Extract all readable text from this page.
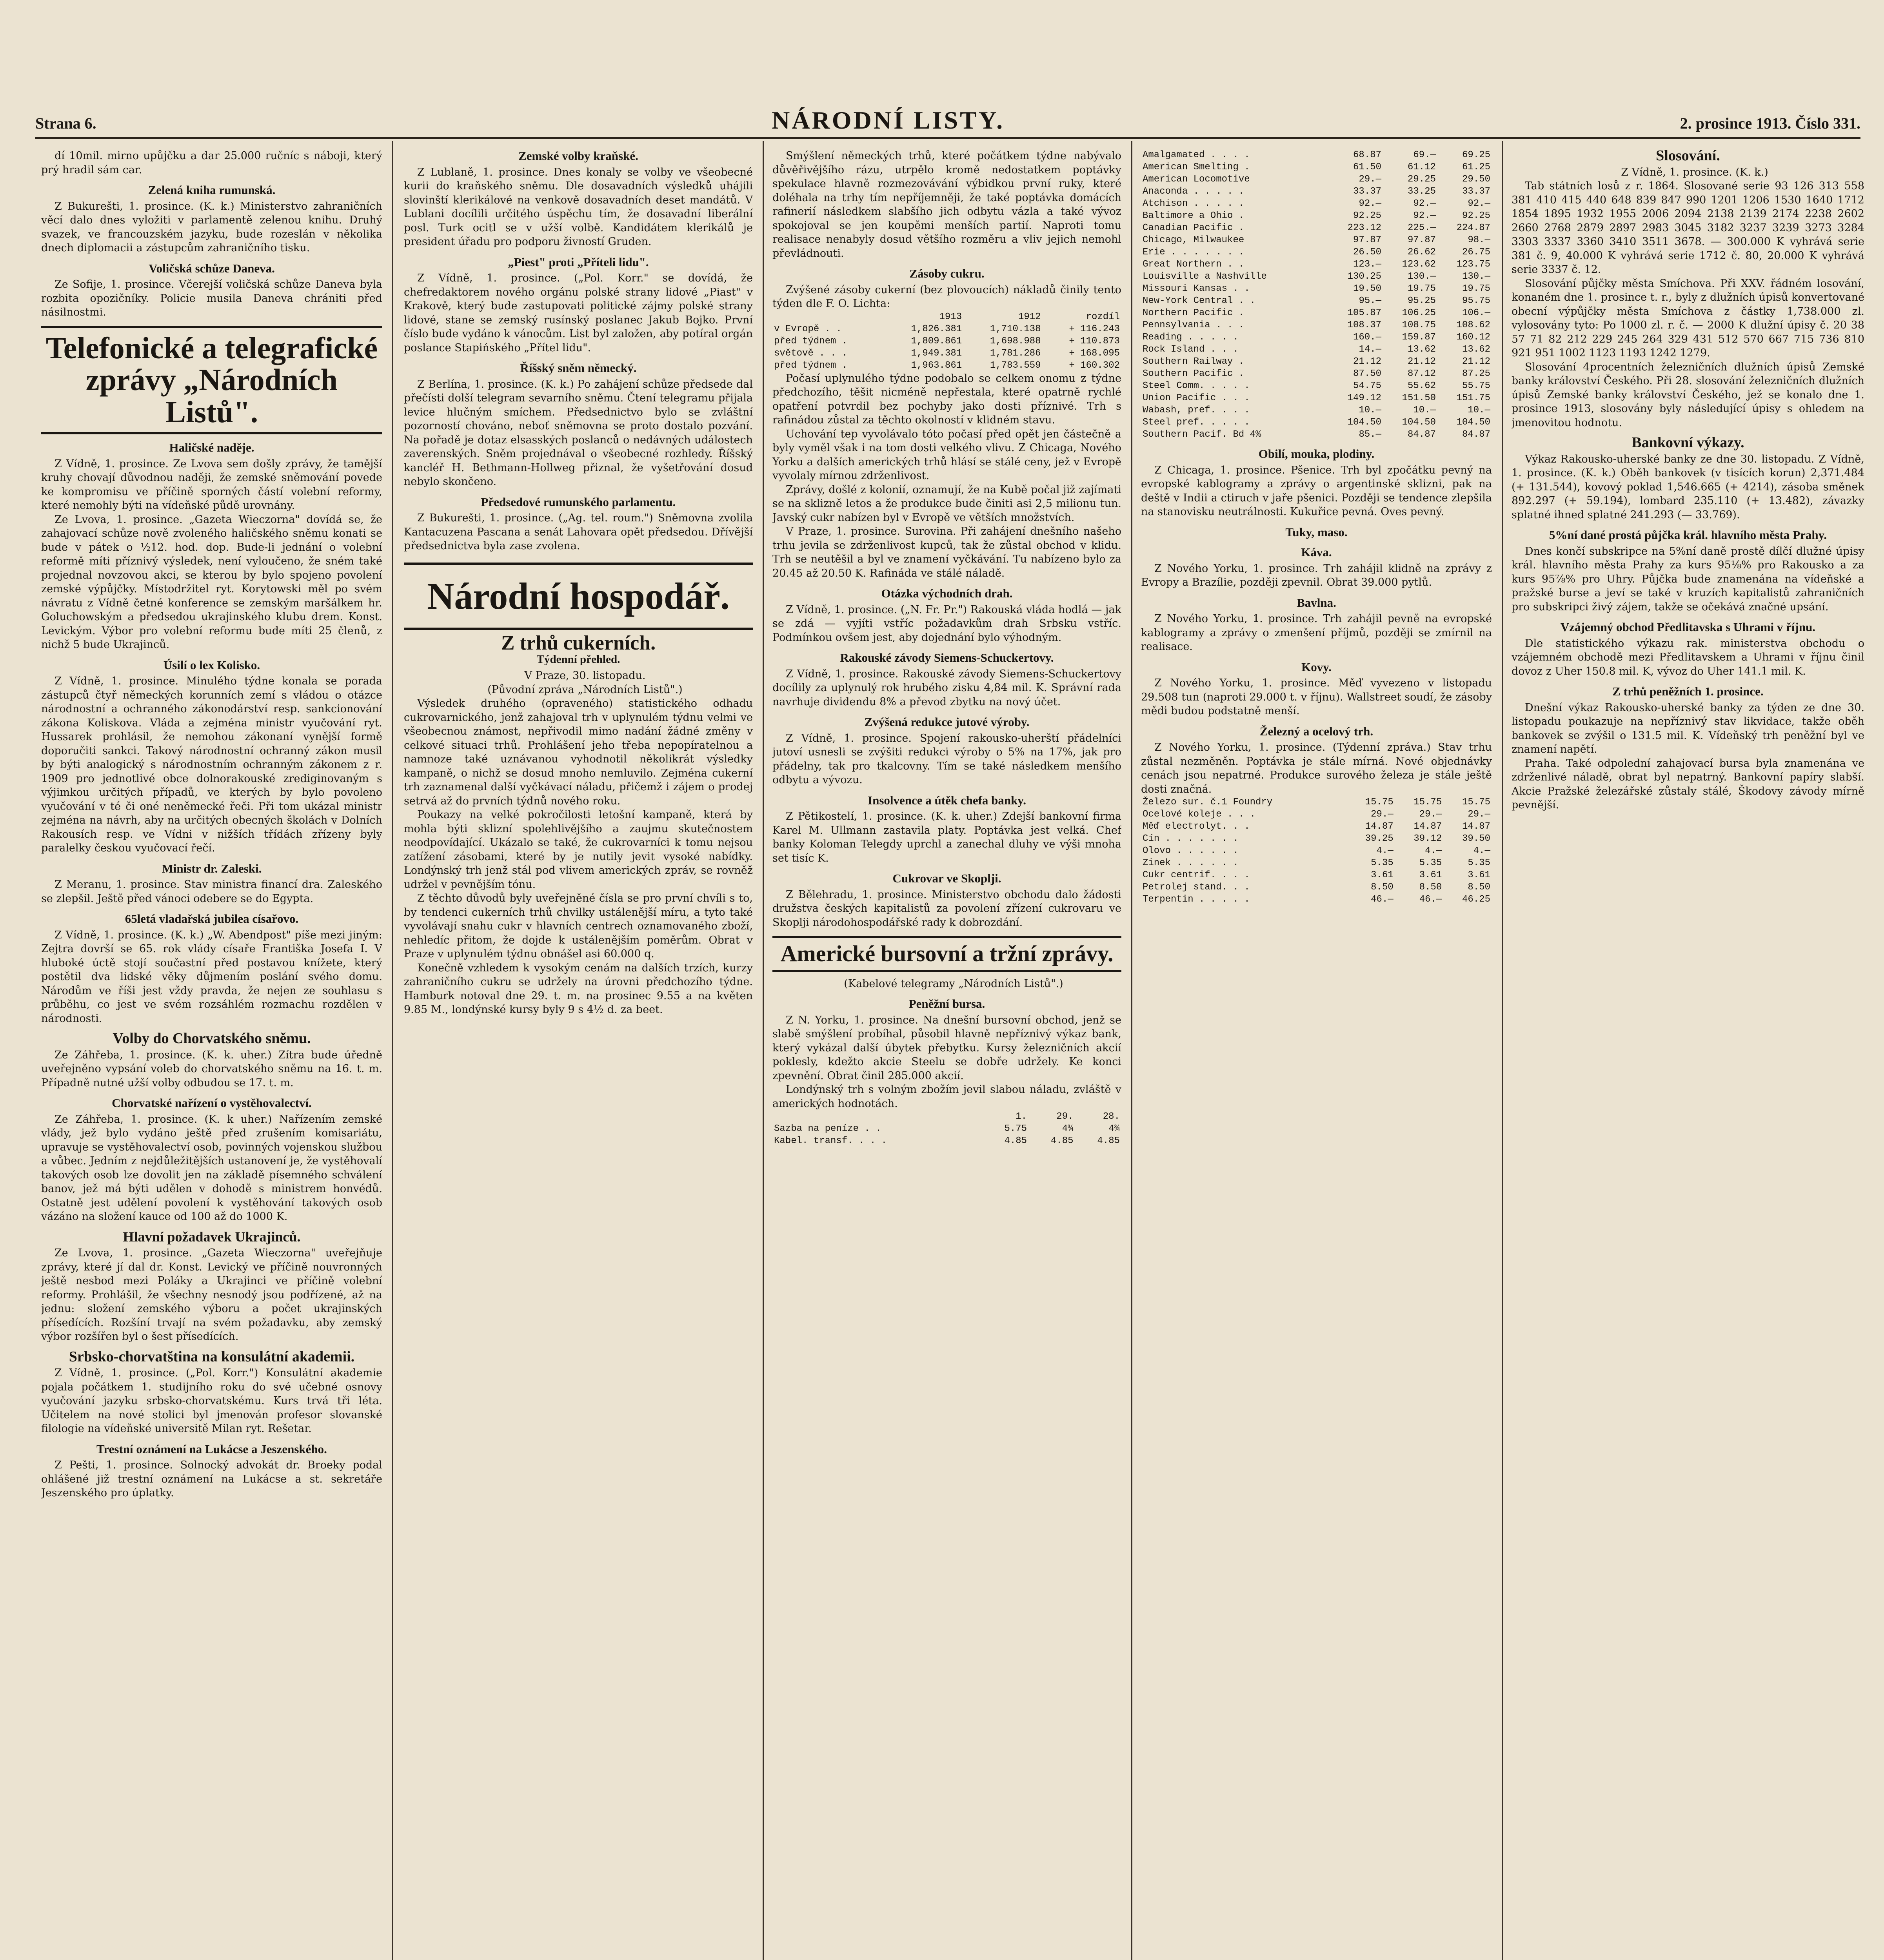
Strana 6.	NÁRODNÍ LISTY.	2. prosince 1913. Číslo 331.

dí 10mil. mirno upůjčku a dar 25.000 ručníc s náboji, který prý hradil sám car.

Zelená kniha rumunská.

Z Bukurešti, 1. prosince. (K. k.) Ministerstvo zahraničních věcí dalo dnes vyložiti v parlamentě zelenou knihu. Druhý svazek, ve francouzském jazyku, bude rozeslán v několika dnech diplomacii a zástupcům zahraničního tisku.

Voličská schůze Daneva.

Ze Sofije, 1. prosince. Včerejší voličská schůze Daneva byla rozbita opozičníky. Policie musila Daneva chrániti před násilnostmi.

Telefonické a telegrafické zprávy „Národních Listů".
Haličské naděje.

Z Vídně, 1. prosince. Ze Lvova sem došly zprávy, že tamější kruhy chovají důvodnou naději, že zemské sněmování povede ke kompromisu ve příčině sporných částí volební reformy, které nemohly býti na vídeňské půdě urovnány.

Ze Lvova, 1. prosince. „Gazeta Wieczorna" dovídá se, že zahajovací schůze nově zvoleného haličského sněmu konati se bude v pátek o ½12. hod. dop. Bude-li jednání o volební reformě míti příznivý výsledek, není vyloučeno, že sném také projednal novzovou akci, se kterou by bylo spojeno povolení zemské výpůjčky. Místodržitel ryt. Korytowski měl po svém návratu z Vídně četné konference se zemským maršálkem hr. Goluchowským a předsedou ukrajinského klubu drem. Konst. Levickým. Výbor pro volební reformu bude míti 25 členů, z nichž 5 bude Ukrajinců.

Úsilí o lex Kolisko.

Z Vídně, 1. prosince. Minulého týdne konala se porada zástupců čtyř německých korunních zemí s vládou o otázce národnostní a ochranného zákonodárství resp. sankcionování zákona Koliskova. Vláda a zejména ministr vyučování ryt. Hussarek prohlásil, že nemohou zákonaní vynější formě doporučiti sankci. Takový národnostní ochranný zákon musil by býti analogický s národnostním ochranným zákonem z r. 1909 pro jednotlivé obce dolnorakouské zrediginovaným s výjimkou určitých případů, ve kterých by bylo povoleno vyučování v té či oné neněmecké řeči. Při tom ukázal ministr zejména na návrh, aby na určitých obecných školách v Dolních Rakousích resp. ve Vídni v nižších třídách zřízeny byly paralelky českou vyučovací řečí.

Ministr dr. Zaleski.

Z Meranu, 1. prosince. Stav ministra financí dra. Zaleského se zlepšil. Ještě před vánoci odebere se do Egypta.

65letá vladařská jubilea císařovo.

Z Vídně, 1. prosince. (K. k.) „W. Abendpost" píše mezi jiným: Zejtra dovrší se 65. rok vlády císaře Františka Josefa I. V hluboké úctě stojí součastní před postavou knížete, který postětil dva lidské věky důjmením poslání svého domu. Národům ve říši jest vždy pravda, že nejen ze souhlasu s průběhu, co jest ve svém rozsáhlém rozmachu rozdělen v národnosti.

Volby do Chorvatského sněmu.

Ze Záhřeba, 1. prosince. (K. k. uher.) Zítra bude úředně uveřejněno vypsání voleb do chorvatského sněmu na 16. t. m. Případně nutné užší volby odbudou se 17. t. m.

Chorvatské nařízení o vystěhovalectví.

Ze Záhřeba, 1. prosince. (K. k uher.) Nařízením zemské vlády, jež bylo vydáno ještě před zrušením komisariátu, upravuje se vystěhovalectví osob, povinných vojenskou službou a vůbec. Jedním z nejdůležitějších ustanovení je, že vystěhovalí takových osob lze dovolit jen na základě písemného schválení banov, jež má býti udělen v dohodě s ministrem honvédů. Ostatně jest udělení povolení k vystěhování takových osob vázáno na složení kauce od 100 až do 1000 K.

Hlavní požadavek Ukrajinců.

Ze Lvova, 1. prosince. „Gazeta Wieczorna" uveřejňuje zprávy, které jí dal dr. Konst. Levický ve příčině nouvronných ještě nesbod mezi Poláky a Ukrajinci ve příčině volební reformy. Prohlášil, že všechny nesnodý jsou podřízené, až na jednu: složení zemského výboru a počet ukrajinských přísedících. Rozšíní trvají na svém požadavku, aby zemský výbor rozšířen byl o šest přísedících.

Srbsko-chorvatština na konsulátní akademii.

Z Vídně, 1. prosince. („Pol. Korr.") Konsulátní akademie pojala počátkem 1. studijního roku do své učebné osnovy vyučování jazyku srbsko-chorvatskému. Kurs trvá tři léta. Učitelem na nové stolici byl jmenován profesor slovanské filologie na vídeňské universitě Milan ryt. Rešetar.

Trestní oznámení na Lukácse a Jeszenského.

Z Pešti, 1. prosince. Solnocký advokát dr. Broeky podal ohlášené již trestní oznámení na Lukácse a st. sekretáře Jeszenského pro úplatky.

Zemské volby kraňské.

Z Lublaně, 1. prosince. Dnes konaly se volby ve všeobecné kurii do kraňského sněmu. Dle dosavadních výsledků uhájili slovinští klerikálové na venkově dosavadních deset mandátů. V Lublani docílili určitého úspěchu tím, že dosavadní liberální posl. Turk ocitl se v užší volbě. Kandidátem klerikálů je president úřadu pro podporu živností Gruden.

„Piest" proti „Příteli lidu".

Z Vídně, 1. prosince. („Pol. Korr." se dovídá, že chefredaktorem nového orgánu polské strany lidové „Piast" v Krakově, který bude zastupovati politické zájmy polské strany lidové, stane se zemský rusínský poslanec Jakub Bojko. První číslo bude vydáno k vánocům. List byl založen, aby potíral orgán poslance Stapińského „Přítel lidu".

Říšský sněm německý.

Z Berlína, 1. prosince. (K. k.) Po zahájení schůze předsede dal přečísti dolší telegram sevarního sněmu. Čtení telegramu přijala levice hlučným smíchem. Předsednictvo bylo se zvláštní pozorností chováno, neboť sněmovna se proto dostalo pozvání. Na pořadě je dotaz elsasských poslanců o nedávných událostech zaverenských. Sněm projednával o všeobecné rozhledy. Říšský kancléř H. Bethmann-Hollweg přiznal, že vyšetřování dosud nebylo skončeno.

Předsedové rumunského parlamentu.

Z Bukurešti, 1. prosince. („Ag. tel. roum.") Sněmovna zvolila Kantacuzena Pascana a senát Lahovara opět předsedou. Dřívější předsednictva byla zase zvolena.

Národní hospodář.
Z trhů cukerních.
Týdenní přehled.

V Praze, 30. listopadu.

(Původní zpráva „Národních Listů".)

Výsledek druhého (opraveného) statistického odhadu cukrovarnického, jenž zahajoval trh v uplynulém týdnu velmi ve všeobecnou známost, nepřivodil mimo nadání žádné změny v celkové situaci trhů. Prohlášení jeho třeba nepopíratelnou a namnoze také uznávanou vyhodnotil několikrát výsledky kampaně, o nichž se dosud mnoho nemluvilo. Zejména cukerní trh zaznamenal další vyčkávací náladu, přičemž i zájem o prodej setrvá až do prvních týdnů nového roku.

Poukazy na velké pokročilosti letošní kampaně, která by mohla býti sklizní spolehlivějšího a zaujmu skutečnostem neodpovídající. Ukázalo se také, že cukrovarníci k tomu nejsou zatížení zásobami, které by je nutily jevit vysoké nabídky. Londýnský trh jenž stál pod vlivem amerických zpráv, se rovněž udržel v pevnějším tónu.

Z těchto důvodů byly uveřejněné čísla se pro první chvíli s to, by tendenci cukerních trhů chvilky ustálenější míru, a tyto také vyvolávají snahu cukr v hlavních centrech oznamovaného zboží, nehledíc přitom, že dojde k ustálenějším poměrům. Obrat v Praze v uplynulém týdnu obnášel asi 60.000 q.

Konečně vzhledem k vysokým cenám na dalších trzích, kurzy zahraničního cukru se udržely na úrovni předchozího týdne. Hamburk notoval dne 29. t. m. na prosinec 9.55 a na květen 9.85 M., londýnské kursy byly 9 s 4½ d. za beet.

Smýšlení německých trhů, které počátkem týdne nabývalo důvěřivějšího rázu, utrpělo kromě nedostatkem poptávky spekulace hlavně rozmezovávání výbidkou první ruky, které doléhala na trhy tím nepříjemněji, že také poptávka domácích rafinerií následkem slabšího jich odbytu vázla a také vývoz spokojoval se jen koupěmi menších partií. Naproti tomu realisace nenabyly dosud většího rozměru a vliv jejich nemohl převládnouti.

Zásoby cukru.

Zvýšené zásoby cukerní (bez plovoucích) nákladů činily tento týden dle F. O. Lichta:

	1913	1912	rozdíl
v Evropě . .	1,826.381	1,710.138	+ 116.243
před týdnem .	1,809.861	1,698.988	+ 110.873
světově . . .	1,949.381	1,781.286	+ 168.095
před týdnem .	1,963.861	1,783.559	+ 160.302

Počasí uplynulého týdne podobalo se celkem onomu z týdne předchozího, těšit nicméně nepřestala, které opatrně rychlé opatření potvrdil bez pochyby jako dosti příznivé. Trh s rafinádou zůstal za těchto okolností v klidném stavu.

Uchování tep vyvolávalo tóto počasí před opět jen částečně a byly vyměl však i na tom dosti velkého vlivu. Z Chicaga, Nového Yorku a dalších amerických trhů hlásí se stálé ceny, jež v Evropě vyvolaly mírnou zdrženlivost.

Zprávy, došlé z kolonií, oznamují, že na Kubě počal již zajímati se na sklizně letos a že produkce bude činiti asi 2,5 milionu tun. Javský cukr nabízen byl v Evropě ve větších množstvích.

V Praze, 1. prosince. Surovina. Při zahájení dnešního našeho trhu jevila se zdrženlivost kupců, tak že zůstal obchod v klidu. Trh se neutěšil a byl ve znamení vyčkávání. Tu nabízeno bylo za 20.45 až 20.50 K. Rafináda ve stálé náladě.

Otázka východních drah.

Z Vídně, 1. prosince. („N. Fr. Pr.") Rakouská vláda hodlá — jak se zdá — vyjíti vstříc požadavkům drah Srbsku vstříc. Podmínkou ovšem jest, aby dojednání bylo výhodným.

Rakouské závody Siemens-Schuckertovy.

Z Vídně, 1. prosince. Rakouské závody Siemens-Schuckertovy docílily za uplynulý rok hrubého zisku 4,84 mil. K. Správní rada navrhuje dividendu 8% a převod zbytku na nový účet.

Zvýšená redukce jutové výroby.

Z Vídně, 1. prosince. Spojení rakousko-uherští přádelníci jutoví usnesli se zvýšiti redukci výroby o 5% na 17%, jak pro přádelny, tak pro tkalcovny. Tím se také následkem menšího odbytu a vývozu.

Insolvence a útěk chefa banky.

Z Pětikostelí, 1. prosince. (K. k. uher.) Zdejší bankovní firma Karel M. Ullmann zastavila platy. Poptávka jest velká. Chef banky Koloman Telegdy uprchl a zanechal dluhy ve výši mnoha set tisíc K.

Cukrovar ve Skoplji.

Z Bělehradu, 1. prosince. Ministerstvo obchodu dalo žádosti družstva českých kapitalistů za povolení zřízení cukrovaru ve Skoplji národohospodářské rady k dobrozdání.

Americké bursovní a tržní zprávy.

(Kabelové telegramy „Národních Listů".)

Peněžní bursa.

Z N. Yorku, 1. prosince. Na dnešní bursovní obchod, jenž se slabě smýšlení probíhal, působil hlavně nepříznivý výkaz bank, který vykázal další úbytek přebytku. Kursy železničních akcií poklesly, kdežto akcie Steelu se dobře udržely. Ke konci zpevnění. Obrat činil 285.000 akcií.

Londýnský trh s volným zbožím jevil slabou náladu, zvláště v amerických hodnotách.

	1.	29.	28.
Sazba na peníze . .	5.75	4¾	4¾
Kabel. transf. . . .	4.85	4.85	4.85
Amalgamated . . . .	68.87	69.—	69.25
American Smelting .	61.50	61.12	61.25
American Locomotive	29.—	29.25	29.50
Anaconda . . . . .	33.37	33.25	33.37
Atchison . . . . .	92.—	92.—	92.—
Baltimore a Ohio .	92.25	92.—	92.25
Canadian Pacific .	223.12	225.—	224.87
Chicago, Milwaukee	97.87	97.87	98.—
Erie . . . . . . .	26.50	26.62	26.75
Great Northern . .	123.—	123.62	123.75
Louisville a Nashville	130.25	130.—	130.—
Missouri Kansas . .	19.50	19.75	19.75
New-York Central . .	95.—	95.25	95.75
Northern Pacific .	105.87	106.25	106.—
Pennsylvania . . .	108.37	108.75	108.62
Reading . . . . .	160.—	159.87	160.12
Rock Island . . .	14.—	13.62	13.62
Southern Railway .	21.12	21.12	21.12
Southern Pacific .	87.50	87.12	87.25
Steel Comm. . . . .	54.75	55.62	55.75
Union Pacific . . .	149.12	151.50	151.75
Wabash, pref. . . .	10.—	10.—	10.—
Steel pref. . . . .	104.50	104.50	104.50
Southern Pacif. Bd 4%	85.—	84.87	84.87
Obilí, mouka, plodiny.

Z Chicaga, 1. prosince. Pšenice. Trh byl zpočátku pevný na evropské kablogramy a zprávy o argentinské sklizni, pak na deště v Indii a ctiruch v jaře pšenici. Později se tendence zlepšila na stanovisku neutrálnosti. Kukuřice pevná. Oves pevný.

Tuky, maso.
Káva.

Z Nového Yorku, 1. prosince. Trh zahájil klidně na zprávy z Evropy a Brazílie, později zpevnil. Obrat 39.000 pytlů.

Bavlna.

Z Nového Yorku, 1. prosince. Trh zahájil pevně na evropské kablogramy a zprávy o zmenšení příjmů, později se zmírnil na realisace.

Kovy.

Z Nového Yorku, 1. prosince. Měď vyvezeno v listopadu 29.508 tun (naproti 29.000 t. v říjnu). Wallstreet soudí, že zásoby mědi budou podstatně menší.

Železný a ocelový trh.

Z Nového Yorku, 1. prosince. (Týdenní zpráva.) Stav trhu zůstal nezměněn. Poptávka je stále mírná. Nové objednávky cenách jsou nepatrné. Produkce surového železa je stále ještě dosti značná.

Železo sur. č.1 Foundry	15.75	15.75	15.75
Ocelové koleje . . .	29.—	29.—	29.—
Měď electrolyt. . .	14.87	14.87	14.87
Cín . . . . . . .	39.25	39.12	39.50
Olovo . . . . . .	4.—	4.—	4.—
Zinek . . . . . .	5.35	5.35	5.35
Cukr centrif. . . .	3.61	3.61	3.61
Petrolej stand. . .	8.50	8.50	8.50
Terpentin . . . . .	46.—	46.—	46.25
Slosování.

Z Vídně, 1. prosince. (K. k.)

Tab státních losů z r. 1864. Slosované serie 93 126 313 558 381 410 415 440 648 839 847 990 1201 1206 1530 1640 1712 1854 1895 1932 1955 2006 2094 2138 2139 2174 2238 2602 2660 2768 2879 2897 2983 3045 3182 3237 3239 3273 3284 3303 3337 3360 3410 3511 3678. — 300.000 K vyhrává serie 381 č. 9, 40.000 K vyhrává serie 1712 č. 80, 20.000 K vyhrává serie 3337 č. 12.

Slosování půjčky města Smíchova. Při XXV. řádném losování, konaném dne 1. prosince t. r., byly z dlužních úpisů konvertované obecní výpůjčky města Smíchova z částky 1,738.000 zl. vylosovány tyto: Po 1000 zl. r. č. — 2000 K dlužní úpisy č. 20 38 57 71 82 212 229 245 264 329 431 512 570 667 715 736 810 921 951 1002 1123 1193 1242 1279.

Slosování 4procentních železničních dlužních úpisů Zemské banky království Českého. Při 28. slosování železničních dlužních úpisů Zemské banky království Českého, jež se konalo dne 1. prosince 1913, slosovány byly následující úpisy s ohledem na jmenovitou hodnotu.

Bankovní výkazy.

Výkaz Rakousko-uherské banky ze dne 30. listopadu. Z Vídně, 1. prosince. (K. k.) Oběh bankovek (v tisících korun) 2,371.484 (+ 131.544), kovový poklad 1,546.665 (+ 4214), zásoba směnek 892.297 (+ 59.194), lombard 235.110 (+ 13.482), závazky splatné ihned splatné 241.293 (— 33.769).

5%ní dané prostá půjčka král. hlavního města Prahy.

Dnes končí subskripce na 5%ní daně prostě dílčí dlužné úpisy král. hlavního města Prahy za kurs 95⅛% pro Rakousko a za kurs 95⅞% pro Uhry. Půjčka bude znamenána na vídeňské a pražské burse a jeví se také v kruzích kapitalistů zahraničních pro subskripci živý zájem, takže se očekává značné upsání.

Vzájemný obchod Předlitavska s Uhrami v říjnu.

Dle statistického výkazu rak. ministerstva obchodu o vzájemném obchodě mezi Předlitavskem a Uhrami v říjnu činil dovoz z Uher 150.8 mil. K, vývoz do Uher 141.1 mil. K.

Z trhů peněžních 1. prosince.

Dnešní výkaz Rakousko-uherské banky za týden ze dne 30. listopadu poukazuje na nepříznivý stav likvidace, takže oběh bankovek se zvýšil o 131.5 mil. K. Vídeňský trh peněžní byl ve znamení napětí.

Praha. Také odpolední zahajovací bursa byla znamenána ve zdrženlivé náladě, obrat byl nepatrný. Bankovní papíry slabší. Akcie Pražské železářské zůstaly stálé, Škodovy závody mírně pevnější.
